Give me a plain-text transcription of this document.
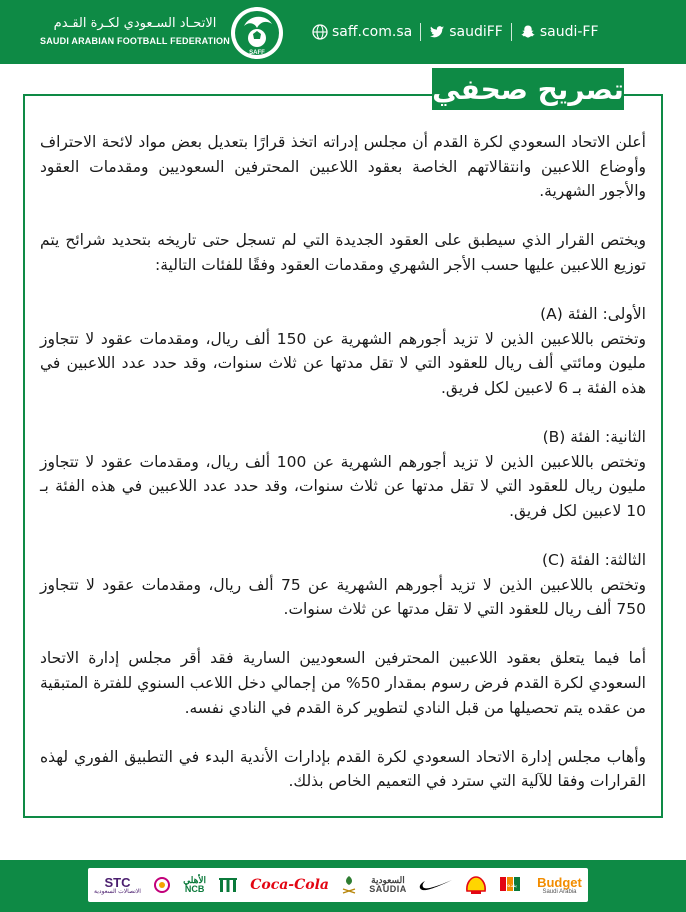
saff.com.sa	saudiFF	saudi-FF
الاتحـاد السـعودي لكـرة القـدم
SAUDI ARABIAN FOOTBALL FEDERATION
SAFF
تصريح صحفي
أعلن الاتحاد السعودي لكرة القدم أن مجلس إدراته اتخذ قرارًا بتعديل بعض مواد لائحة الاحتراف وأوضاع اللاعبين وانتقالاتهم الخاصة بعقود اللاعبين المحترفين السعوديين ومقدمات العقود والأجور الشهرية.
ويختص القرار الذي سيطبق على العقود الجديدة التي لم تسجل حتى تاريخه بتحديد شرائح يتم توزيع اللاعبين عليها حسب الأجر الشهري ومقدمات العقود وفقًا للفئات التالية:
الأولى: الفئة (A)
وتختص باللاعبين الذين لا تزيد أجورهم الشهرية عن 150 ألف ريال، ومقدمات عقود لا تتجاوز مليون ومائتي ألف ريال للعقود التي لا تقل مدتها عن ثلاث سنوات، وقد حدد عدد اللاعبين في هذه الفئة بـ 6 لاعبين لكل فريق.
الثانية: الفئة (B)
وتختص باللاعبين الذين لا تزيد أجورهم الشهرية عن 100 ألف ريال، ومقدمات عقود لا تتجاوز مليون ريال للعقود التي لا تقل مدتها عن ثلاث سنوات، وقد حدد عدد اللاعبين في هذه الفئة بـ 10 لاعبين لكل فريق.
الثالثة: الفئة (C)
وتختص باللاعبين الذين لا تزيد أجورهم الشهرية عن 75 ألف ريال، ومقدمات عقود لا تتجاوز 750 ألف ريال للعقود التي لا تقل مدتها عن ثلاث سنوات.
أما فيما يتعلق بعقود اللاعبين المحترفين السعوديين السارية فقد أقر مجلس إدارة الاتحاد السعودي لكرة القدم فرض رسوم بمقدار 50% من إجمالي دخل اللاعب السنوي للفترة المتبقية من عقده يتم تحصيلها من قبل النادي لتطوير كرة القدم في النادي نفسه.
وأهاب مجلس إدارة الاتحاد السعودي لكرة القدم بإدارات الأندية البدء في التطبيق الفوري لهذه القرارات وفقا للآلية التي سترد في التعميم الخاص بذلك.
STC
الاتصالات السعودية
الأهلي
NCB	Coca-Cola	السعودية
SAUDIA	بنده Budget
Saudi Arabia
